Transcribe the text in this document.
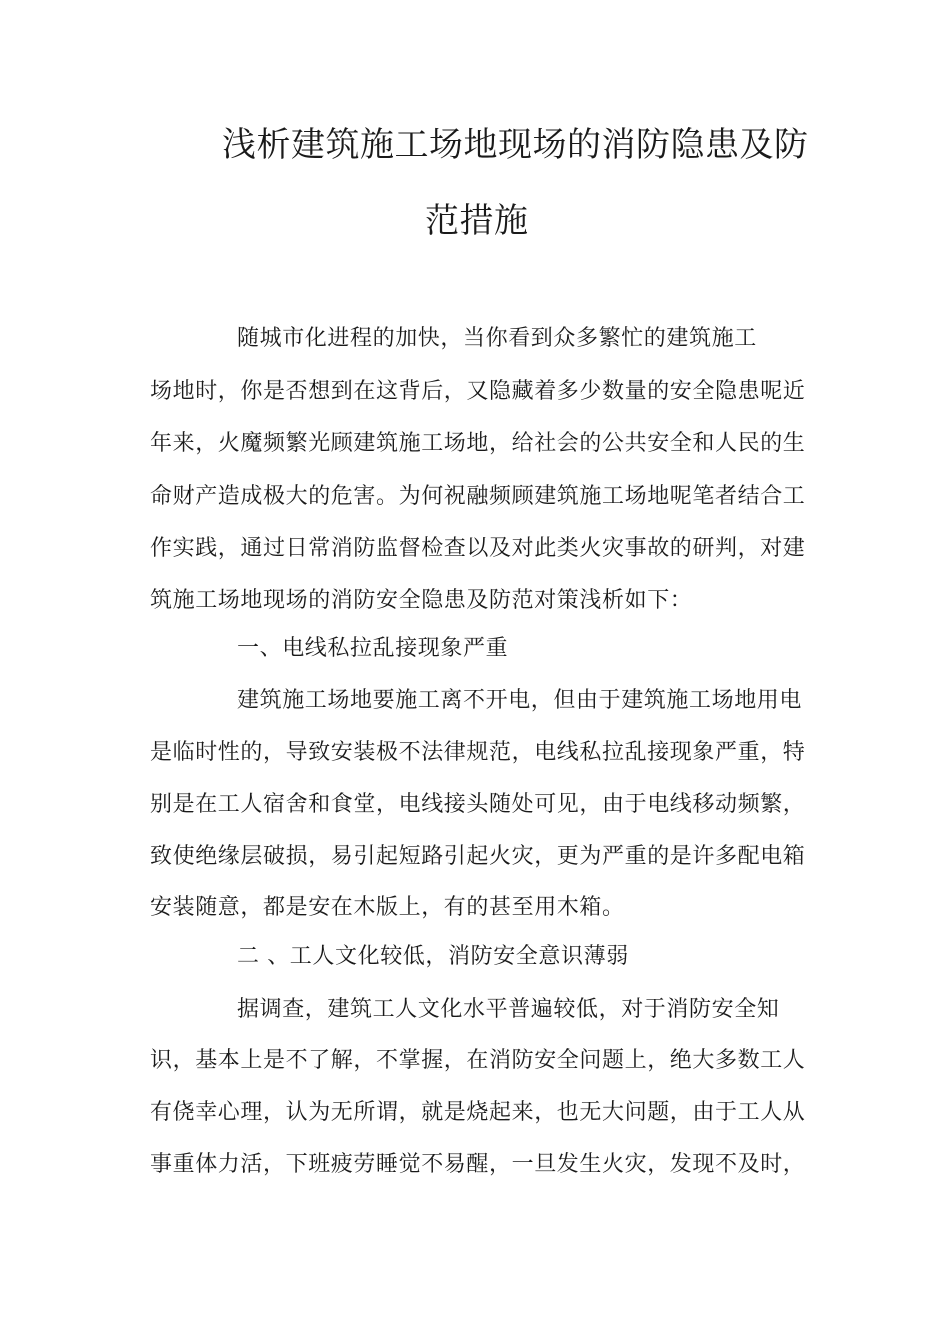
浅析建筑施工场地现场的消防隐患及防
范措施
随城市化进程的加快，当你看到众多繁忙的建筑施工
场地时，你是否想到在这背后，又隐藏着多少数量的安全隐患呢近
年来，火魔频繁光顾建筑施工场地，给社会的公共安全和人民的生
命财产造成极大的危害。为何祝融频顾建筑施工场地呢笔者结合工
作实践，通过日常消防监督检查以及对此类火灾事故的研判，对建
筑施工场地现场的消防安全隐患及防范对策浅析如下：
一、电线私拉乱接现象严重
建筑施工场地要施工离不开电，但由于建筑施工场地用电
是临时性的，导致安装极不法律规范，电线私拉乱接现象严重，特
别是在工人宿舍和食堂，电线接头随处可见，由于电线移动频繁，
致使绝缘层破损，易引起短路引起火灾，更为严重的是许多配电箱
安装随意，都是安在木版上，有的甚至用木箱。
二 、工人文化较低，消防安全意识薄弱
据调查，建筑工人文化水平普遍较低，对于消防安全知
识，基本上是不了解，不掌握，在消防安全问题上，绝大多数工人
有侥幸心理，认为无所谓，就是烧起来，也无大问题，由于工人从
事重体力活，下班疲劳睡觉不易醒，一旦发生火灾，发现不及时，
